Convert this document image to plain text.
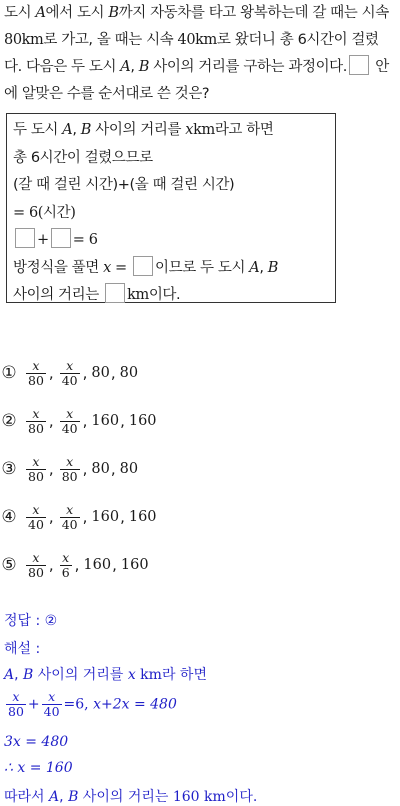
도시 A에서 도시 B까지 자동차를 타고 왕복하는데 갈 때는 시속
80km로 가고, 올 때는 시속 40km로 왔더니 총 6시간이 걸렸
다. 다음은 두 도시 A, B 사이의 거리를 구하는 과정이다. 안
에 알맞은 수를 순서대로 쓴 것은?
두 도시 A, B 사이의 거리를 xkm라고 하면
총 6시간이 걸렸으므로
(갈 때 걸린 시간)+(올 때 걸린 시간)
= 6(시간)
+ = 6
방정식을 풀면 x = 이므로 두 도시 A, B
사이의 거리는 km이다.
① $\frac{x}{80}$ , $\frac{x}{40}$ , 80 , 80
② $\frac{x}{80}$ , $\frac{x}{40}$ , 160 , 160
③ $\frac{x}{80}$ , $\frac{x}{80}$ , 80 , 80
④ $\frac{x}{40}$ , $\frac{x}{40}$ , 160 , 160
⑤ $\frac{x}{80}$ , $\frac{x}{6}$ , 160 , 160
정답 : ②
해설 :
A, B 사이의 거리를 x km라 하면
$\frac{x}{80} + \frac{x}{40} =6$, x+2x = 480
3x = 480
∴ x = 160
따라서 A, B 사이의 거리는 160 km이다.
